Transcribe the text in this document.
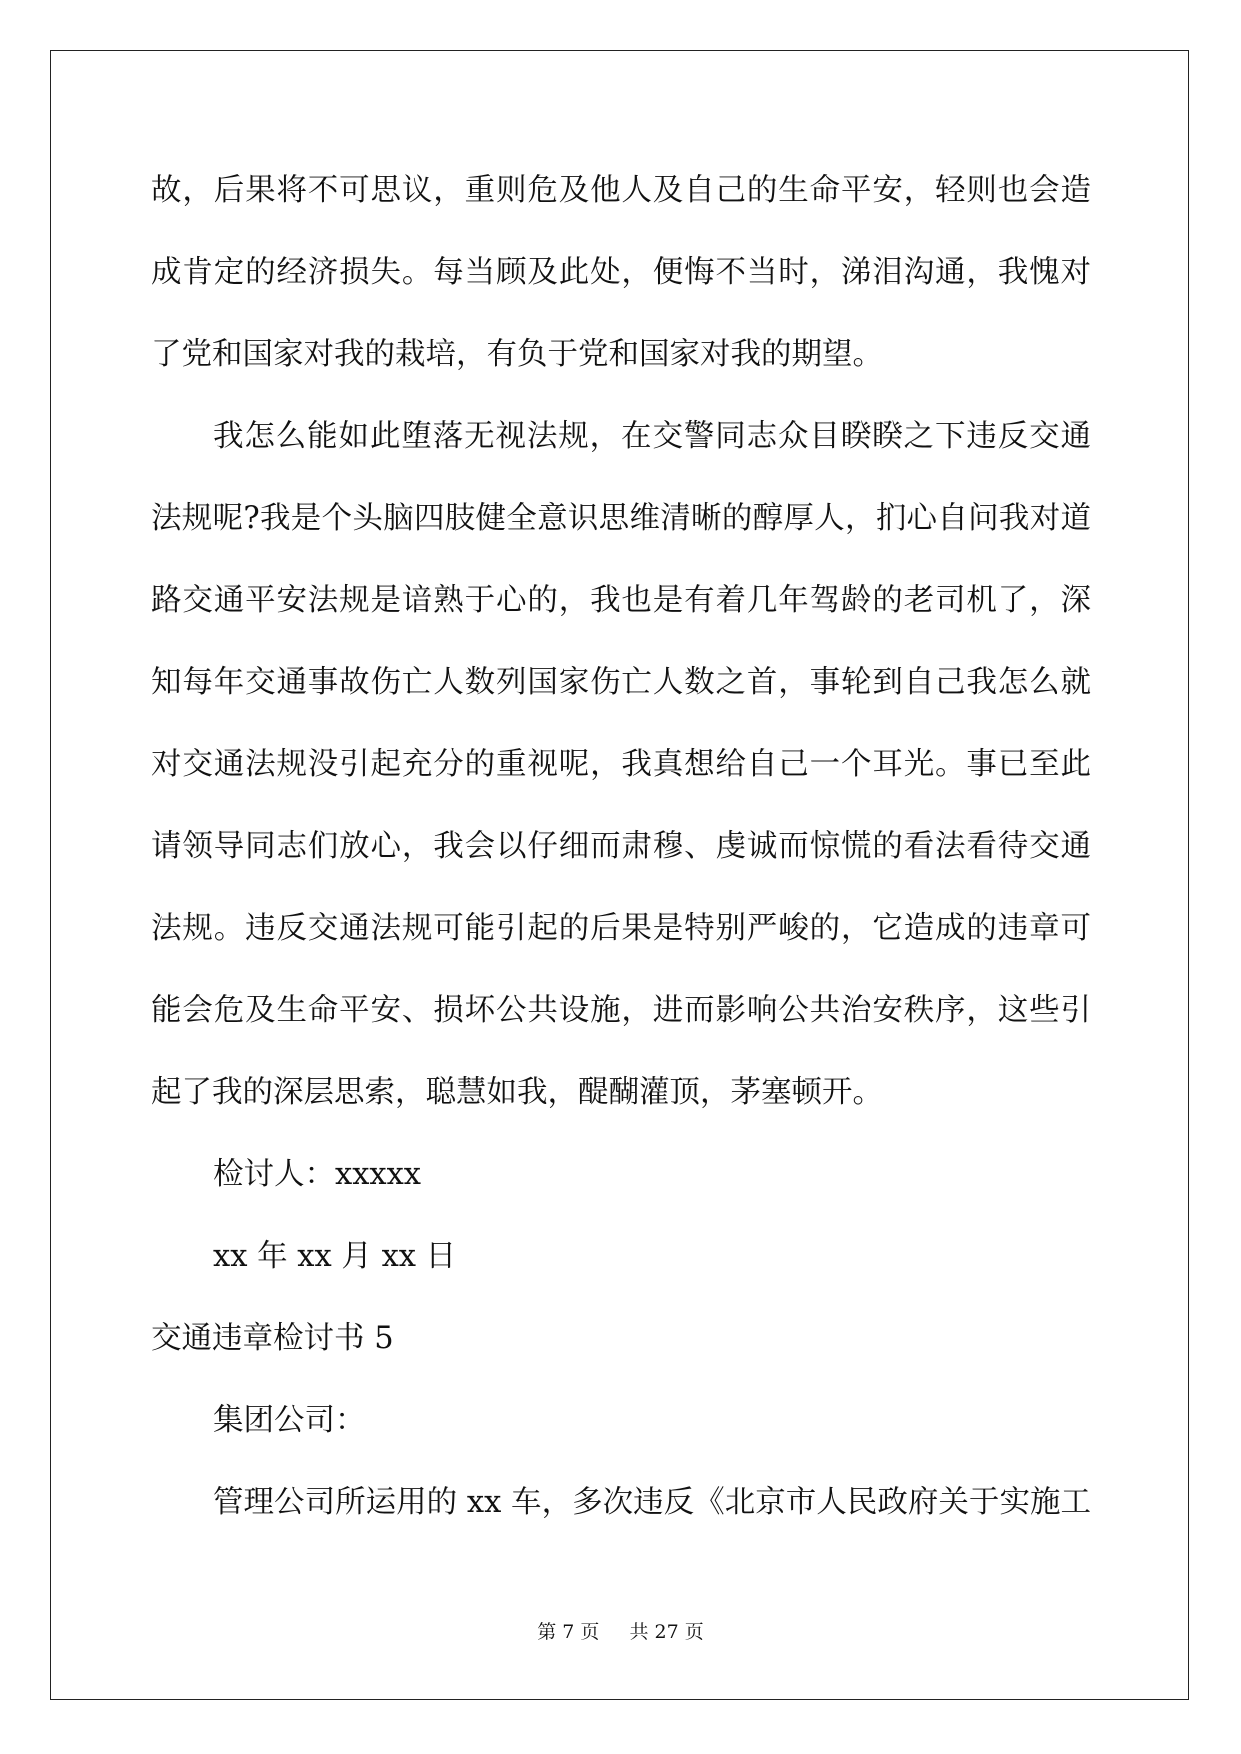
故，后果将不可思议，重则危及他人及自己的生命平安，轻则也会造
成肯定的经济损失。每当顾及此处，便悔不当时，涕泪沟通，我愧对
了党和国家对我的栽培，有负于党和国家对我的期望。
我怎么能如此堕落无视法规，在交警同志众目睽睽之下违反交通
法规呢?我是个头脑四肢健全意识思维清晰的醇厚人，扪心自问我对道
路交通平安法规是谙熟于心的，我也是有着几年驾龄的老司机了，深
知每年交通事故伤亡人数列国家伤亡人数之首，事轮到自己我怎么就
对交通法规没引起充分的重视呢，我真想给自己一个耳光。事已至此
请领导同志们放心，我会以仔细而肃穆、虔诚而惊慌的看法看待交通
法规。违反交通法规可能引起的后果是特别严峻的，它造成的违章可
能会危及生命平安、损坏公共设施，进而影响公共治安秩序，这些引
起了我的深层思索，聪慧如我，醍醐灌顶，茅塞顿开。
检讨人：xxxxx
xx 年 xx 月 xx 日
交通违章检讨书 5
集团公司：
管理公司所运用的 xx 车，多次违反《北京市人民政府关于实施工
第 7 页 共 27 页
